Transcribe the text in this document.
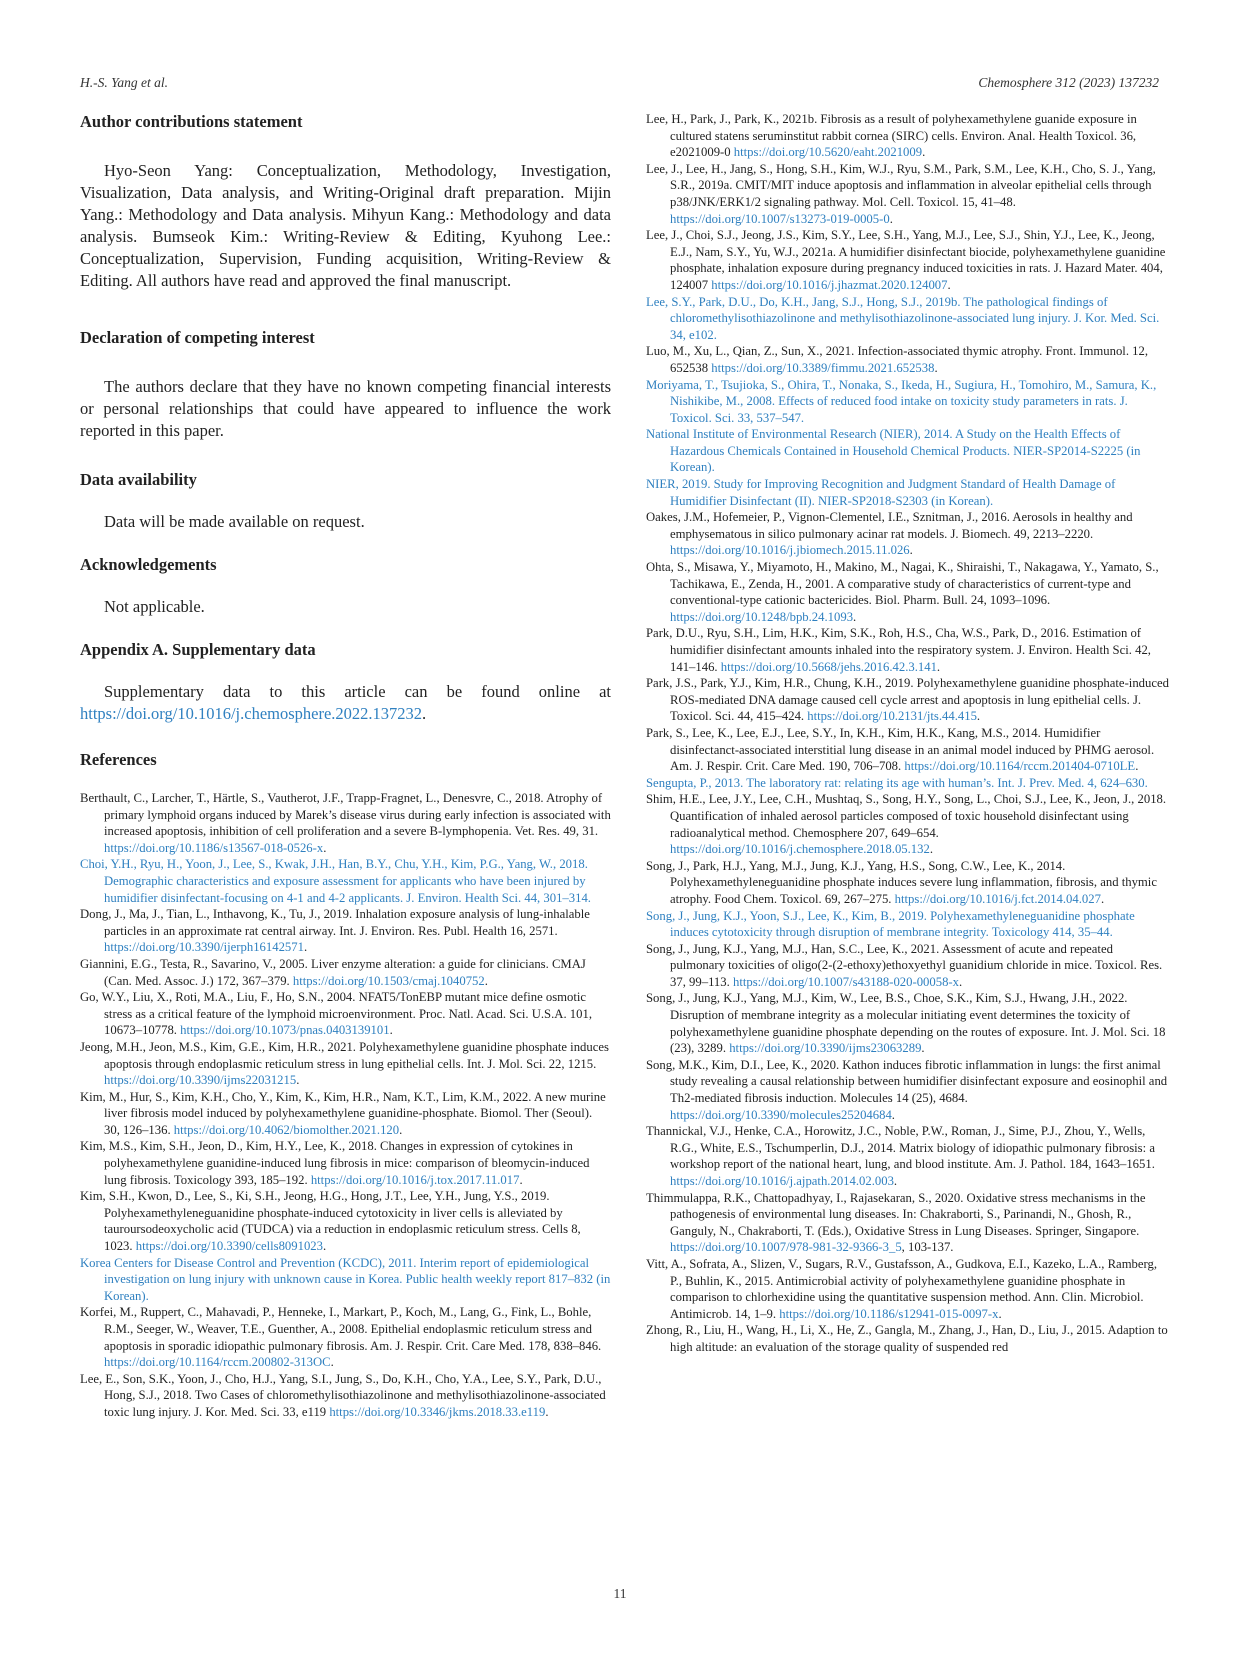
H.-S. Yang et al.	Chemosphere 312 (2023) 137232
Author contributions statement

Hyo-Seon Yang: Conceptualization, Methodology, Investigation, Visualization, Data analysis, and Writing-Original draft preparation. Mijin Yang.: Methodology and Data analysis. Mihyun Kang.: Methodology and data analysis. Bumseok Kim.: Writing-Review & Editing, Kyuhong Lee.: Conceptualization, Supervision, Funding acquisition, Writing-Review & Editing. All authors have read and approved the final manuscript.

Declaration of competing interest

The authors declare that they have no known competing financial interests or personal relationships that could have appeared to influence the work reported in this paper.

Data availability

Data will be made available on request.

Acknowledgements

Not applicable.

Appendix A. Supplementary data

Supplementary data to this article can be found online at https://doi.org/10.1016/j.chemosphere.2022.137232.

References

Berthault, C., Larcher, T., Härtle, S., Vautherot, J.F., Trapp-Fragnet, L., Denesvre, C., 2018. Atrophy of primary lymphoid organs induced by Marek’s disease virus during early infection is associated with increased apoptosis, inhibition of cell proliferation and a severe B-lymphopenia. Vet. Res. 49, 31. https://doi.org/10.1186/s13567-018-0526-x.

Choi, Y.H., Ryu, H., Yoon, J., Lee, S., Kwak, J.H., Han, B.Y., Chu, Y.H., Kim, P.G., Yang, W., 2018. Demographic characteristics and exposure assessment for applicants who have been injured by humidifier disinfectant-focusing on 4-1 and 4-2 applicants. J. Environ. Health Sci. 44, 301–314.

Dong, J., Ma, J., Tian, L., Inthavong, K., Tu, J., 2019. Inhalation exposure analysis of lung-inhalable particles in an approximate rat central airway. Int. J. Environ. Res. Publ. Health 16, 2571. https://doi.org/10.3390/ijerph16142571.

Giannini, E.G., Testa, R., Savarino, V., 2005. Liver enzyme alteration: a guide for clinicians. CMAJ (Can. Med. Assoc. J.) 172, 367–379. https://doi.org/10.1503/cmaj.1040752.

Go, W.Y., Liu, X., Roti, M.A., Liu, F., Ho, S.N., 2004. NFAT5/TonEBP mutant mice define osmotic stress as a critical feature of the lymphoid microenvironment. Proc. Natl. Acad. Sci. U.S.A. 101, 10673–10778. https://doi.org/10.1073/pnas.0403139101.

Jeong, M.H., Jeon, M.S., Kim, G.E., Kim, H.R., 2021. Polyhexamethylene guanidine phosphate induces apoptosis through endoplasmic reticulum stress in lung epithelial cells. Int. J. Mol. Sci. 22, 1215. https://doi.org/10.3390/ijms22031215.

Kim, M., Hur, S., Kim, K.H., Cho, Y., Kim, K., Kim, H.R., Nam, K.T., Lim, K.M., 2022. A new murine liver fibrosis model induced by polyhexamethylene guanidine-phosphate. Biomol. Ther (Seoul). 30, 126–136. https://doi.org/10.4062/biomolther.2021.120.

Kim, M.S., Kim, S.H., Jeon, D., Kim, H.Y., Lee, K., 2018. Changes in expression of cytokines in polyhexamethylene guanidine-induced lung fibrosis in mice: comparison of bleomycin-induced lung fibrosis. Toxicology 393, 185–192. https://doi.org/10.1016/j.tox.2017.11.017.

Kim, S.H., Kwon, D., Lee, S., Ki, S.H., Jeong, H.G., Hong, J.T., Lee, Y.H., Jung, Y.S., 2019. Polyhexamethyleneguanidine phosphate-induced cytotoxicity in liver cells is alleviated by tauroursodeoxycholic acid (TUDCA) via a reduction in endoplasmic reticulum stress. Cells 8, 1023. https://doi.org/10.3390/cells8091023.

Korea Centers for Disease Control and Prevention (KCDC), 2011. Interim report of epidemiological investigation on lung injury with unknown cause in Korea. Public health weekly report 817–832 (in Korean).

Korfei, M., Ruppert, C., Mahavadi, P., Henneke, I., Markart, P., Koch, M., Lang, G., Fink, L., Bohle, R.M., Seeger, W., Weaver, T.E., Guenther, A., 2008. Epithelial endoplasmic reticulum stress and apoptosis in sporadic idiopathic pulmonary fibrosis. Am. J. Respir. Crit. Care Med. 178, 838–846. https://doi.org/10.1164/rccm.200802-313OC.

Lee, E., Son, S.K., Yoon, J., Cho, H.J., Yang, S.I., Jung, S., Do, K.H., Cho, Y.A., Lee, S.Y., Park, D.U., Hong, S.J., 2018. Two Cases of chloromethylisothiazolinone and methylisothiazolinone-associated toxic lung injury. J. Kor. Med. Sci. 33, e119 https://doi.org/10.3346/jkms.2018.33.e119.

Lee, H., Park, J., Park, K., 2021b. Fibrosis as a result of polyhexamethylene guanide exposure in cultured statens seruminstitut rabbit cornea (SIRC) cells. Environ. Anal. Health Toxicol. 36, e2021009-0 https://doi.org/10.5620/eaht.2021009.

Lee, J., Lee, H., Jang, S., Hong, S.H., Kim, W.J., Ryu, S.M., Park, S.M., Lee, K.H., Cho, S. J., Yang, S.R., 2019a. CMIT/MIT induce apoptosis and inflammation in alveolar epithelial cells through p38/JNK/ERK1/2 signaling pathway. Mol. Cell. Toxicol. 15, 41–48. https://doi.org/10.1007/s13273-019-0005-0.

Lee, J., Choi, S.J., Jeong, J.S., Kim, S.Y., Lee, S.H., Yang, M.J., Lee, S.J., Shin, Y.J., Lee, K., Jeong, E.J., Nam, S.Y., Yu, W.J., 2021a. A humidifier disinfectant biocide, polyhexamethylene guanidine phosphate, inhalation exposure during pregnancy induced toxicities in rats. J. Hazard Mater. 404, 124007 https://doi.org/10.1016/j.jhazmat.2020.124007.

Lee, S.Y., Park, D.U., Do, K.H., Jang, S.J., Hong, S.J., 2019b. The pathological findings of chloromethylisothiazolinone and methylisothiazolinone-associated lung injury. J. Kor. Med. Sci. 34, e102.

Luo, M., Xu, L., Qian, Z., Sun, X., 2021. Infection-associated thymic atrophy. Front. Immunol. 12, 652538 https://doi.org/10.3389/fimmu.2021.652538.

Moriyama, T., Tsujioka, S., Ohira, T., Nonaka, S., Ikeda, H., Sugiura, H., Tomohiro, M., Samura, K., Nishikibe, M., 2008. Effects of reduced food intake on toxicity study parameters in rats. J. Toxicol. Sci. 33, 537–547.

National Institute of Environmental Research (NIER), 2014. A Study on the Health Effects of Hazardous Chemicals Contained in Household Chemical Products. NIER-SP2014-S2225 (in Korean).

NIER, 2019. Study for Improving Recognition and Judgment Standard of Health Damage of Humidifier Disinfectant (II). NIER-SP2018-S2303 (in Korean).

Oakes, J.M., Hofemeier, P., Vignon-Clementel, I.E., Sznitman, J., 2016. Aerosols in healthy and emphysematous in silico pulmonary acinar rat models. J. Biomech. 49, 2213–2220. https://doi.org/10.1016/j.jbiomech.2015.11.026.

Ohta, S., Misawa, Y., Miyamoto, H., Makino, M., Nagai, K., Shiraishi, T., Nakagawa, Y., Yamato, S., Tachikawa, E., Zenda, H., 2001. A comparative study of characteristics of current-type and conventional-type cationic bactericides. Biol. Pharm. Bull. 24, 1093–1096. https://doi.org/10.1248/bpb.24.1093.

Park, D.U., Ryu, S.H., Lim, H.K., Kim, S.K., Roh, H.S., Cha, W.S., Park, D., 2016. Estimation of humidifier disinfectant amounts inhaled into the respiratory system. J. Environ. Health Sci. 42, 141–146. https://doi.org/10.5668/jehs.2016.42.3.141.

Park, J.S., Park, Y.J., Kim, H.R., Chung, K.H., 2019. Polyhexamethylene guanidine phosphate-induced ROS-mediated DNA damage caused cell cycle arrest and apoptosis in lung epithelial cells. J. Toxicol. Sci. 44, 415–424. https://doi.org/10.2131/jts.44.415.

Park, S., Lee, K., Lee, E.J., Lee, S.Y., In, K.H., Kim, H.K., Kang, M.S., 2014. Humidifier disinfectanct-associated interstitial lung disease in an animal model induced by PHMG aerosol. Am. J. Respir. Crit. Care Med. 190, 706–708. https://doi.org/10.1164/rccm.201404-0710LE.

Sengupta, P., 2013. The laboratory rat: relating its age with human’s. Int. J. Prev. Med. 4, 624–630.

Shim, H.E., Lee, J.Y., Lee, C.H., Mushtaq, S., Song, H.Y., Song, L., Choi, S.J., Lee, K., Jeon, J., 2018. Quantification of inhaled aerosol particles composed of toxic household disinfectant using radioanalytical method. Chemosphere 207, 649–654. https://doi.org/10.1016/j.chemosphere.2018.05.132.

Song, J., Park, H.J., Yang, M.J., Jung, K.J., Yang, H.S., Song, C.W., Lee, K., 2014. Polyhexamethyleneguanidine phosphate induces severe lung inflammation, fibrosis, and thymic atrophy. Food Chem. Toxicol. 69, 267–275. https://doi.org/10.1016/j.fct.2014.04.027.

Song, J., Jung, K.J., Yoon, S.J., Lee, K., Kim, B., 2019. Polyhexamethyleneguanidine phosphate induces cytotoxicity through disruption of membrane integrity. Toxicology 414, 35–44.

Song, J., Jung, K.J., Yang, M.J., Han, S.C., Lee, K., 2021. Assessment of acute and repeated pulmonary toxicities of oligo(2-(2-ethoxy)ethoxyethyl guanidium chloride in mice. Toxicol. Res. 37, 99–113. https://doi.org/10.1007/s43188-020-00058-x.

Song, J., Jung, K.J., Yang, M.J., Kim, W., Lee, B.S., Choe, S.K., Kim, S.J., Hwang, J.H., 2022. Disruption of membrane integrity as a molecular initiating event determines the toxicity of polyhexamethylene guanidine phosphate depending on the routes of exposure. Int. J. Mol. Sci. 18 (23), 3289. https://doi.org/10.3390/ijms23063289.

Song, M.K., Kim, D.I., Lee, K., 2020. Kathon induces fibrotic inflammation in lungs: the first animal study revealing a causal relationship between humidifier disinfectant exposure and eosinophil and Th2-mediated fibrosis induction. Molecules 14 (25), 4684. https://doi.org/10.3390/molecules25204684.

Thannickal, V.J., Henke, C.A., Horowitz, J.C., Noble, P.W., Roman, J., Sime, P.J., Zhou, Y., Wells, R.G., White, E.S., Tschumperlin, D.J., 2014. Matrix biology of idiopathic pulmonary fibrosis: a workshop report of the national heart, lung, and blood institute. Am. J. Pathol. 184, 1643–1651. https://doi.org/10.1016/j.ajpath.2014.02.003.

Thimmulappa, R.K., Chattopadhyay, I., Rajasekaran, S., 2020. Oxidative stress mechanisms in the pathogenesis of environmental lung diseases. In: Chakraborti, S., Parinandi, N., Ghosh, R., Ganguly, N., Chakraborti, T. (Eds.), Oxidative Stress in Lung Diseases. Springer, Singapore. https://doi.org/10.1007/978-981-32-9366-3_5, 103-137.

Vitt, A., Sofrata, A., Slizen, V., Sugars, R.V., Gustafsson, A., Gudkova, E.I., Kazeko, L.A., Ramberg, P., Buhlin, K., 2015. Antimicrobial activity of polyhexamethylene guanidine phosphate in comparison to chlorhexidine using the quantitative suspension method. Ann. Clin. Microbiol. Antimicrob. 14, 1–9. https://doi.org/10.1186/s12941-015-0097-x.

Zhong, R., Liu, H., Wang, H., Li, X., He, Z., Gangla, M., Zhang, J., Han, D., Liu, J., 2015. Adaption to high altitude: an evaluation of the storage quality of suspended red

11
